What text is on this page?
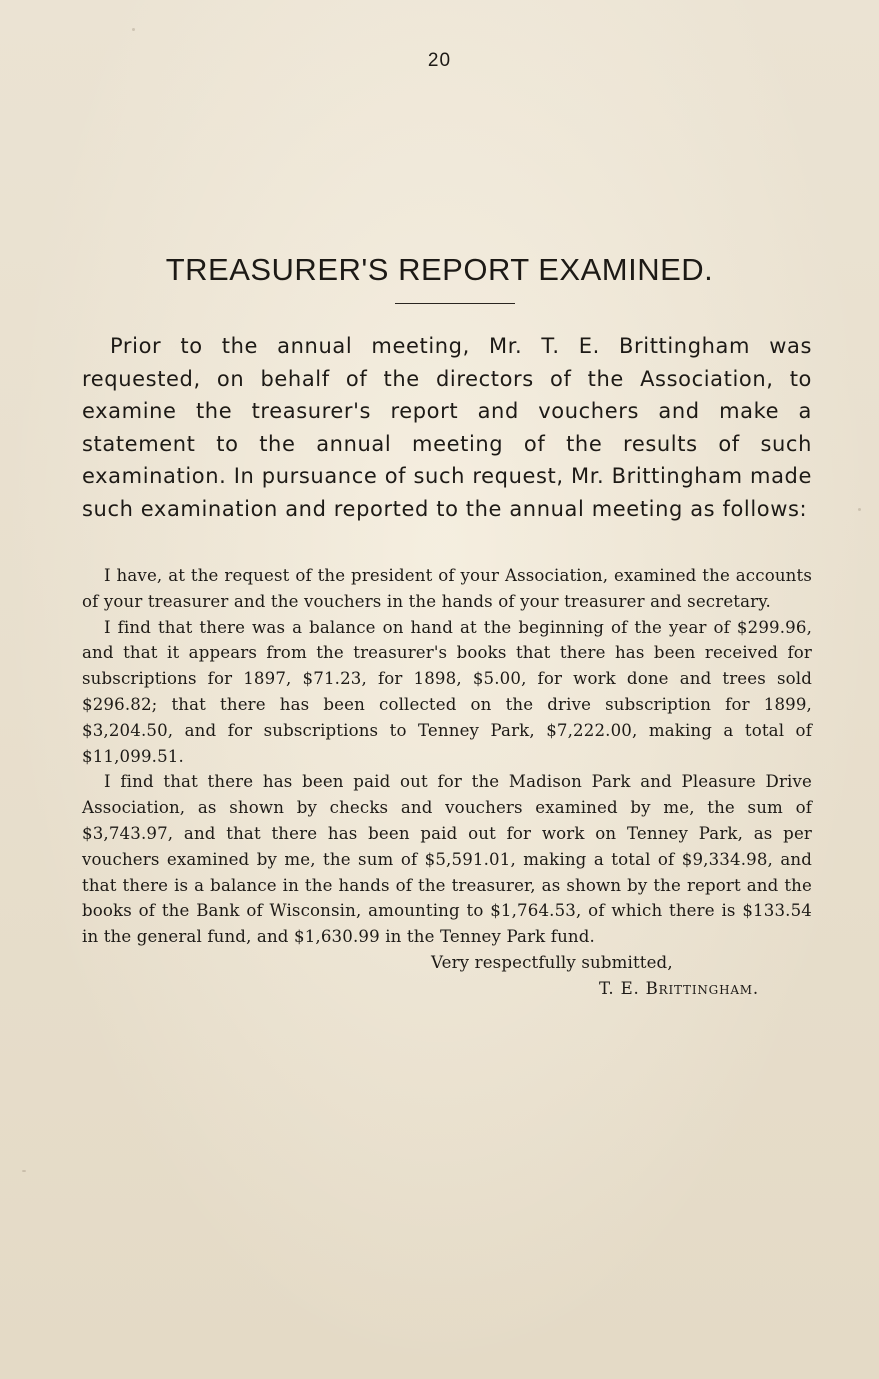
20
TREASURER'S REPORT EXAMINED.

Prior to the annual meeting, Mr. T. E. Brittingham was requested, on behalf of the directors of the Association, to examine the treasurer's report and vouchers and make a statement to the annual meeting of the results of such examination. In pursuance of such request, Mr. Brittingham made such examination and reported to the annual meeting as follows:

I have, at the request of the president of your Association, examined the accounts of your treasurer and the vouchers in the hands of your treasurer and secretary.

I find that there was a balance on hand at the beginning of the year of $299.96, and that it appears from the treasurer's books that there has been received for subscriptions for 1897, $71.23, for 1898, $5.00, for work done and trees sold $296.82; that there has been collected on the drive subscription for 1899, $3,204.50, and for subscriptions to Tenney Park, $7,222.00, making a total of $11,099.51.

I find that there has been paid out for the Madison Park and Pleasure Drive Association, as shown by checks and vouchers examined by me, the sum of $3,743.97, and that there has been paid out for work on Tenney Park, as per vouchers examined by me, the sum of $5,591.01, making a total of $9,334.98, and that there is a balance in the hands of the treasurer, as shown by the report and the books of the Bank of Wisconsin, amounting to $1,764.53, of which there is $133.54 in the general fund, and $1,630.99 in the Tenney Park fund.

Very respectfully submitted,

T. E. Brittingham.
